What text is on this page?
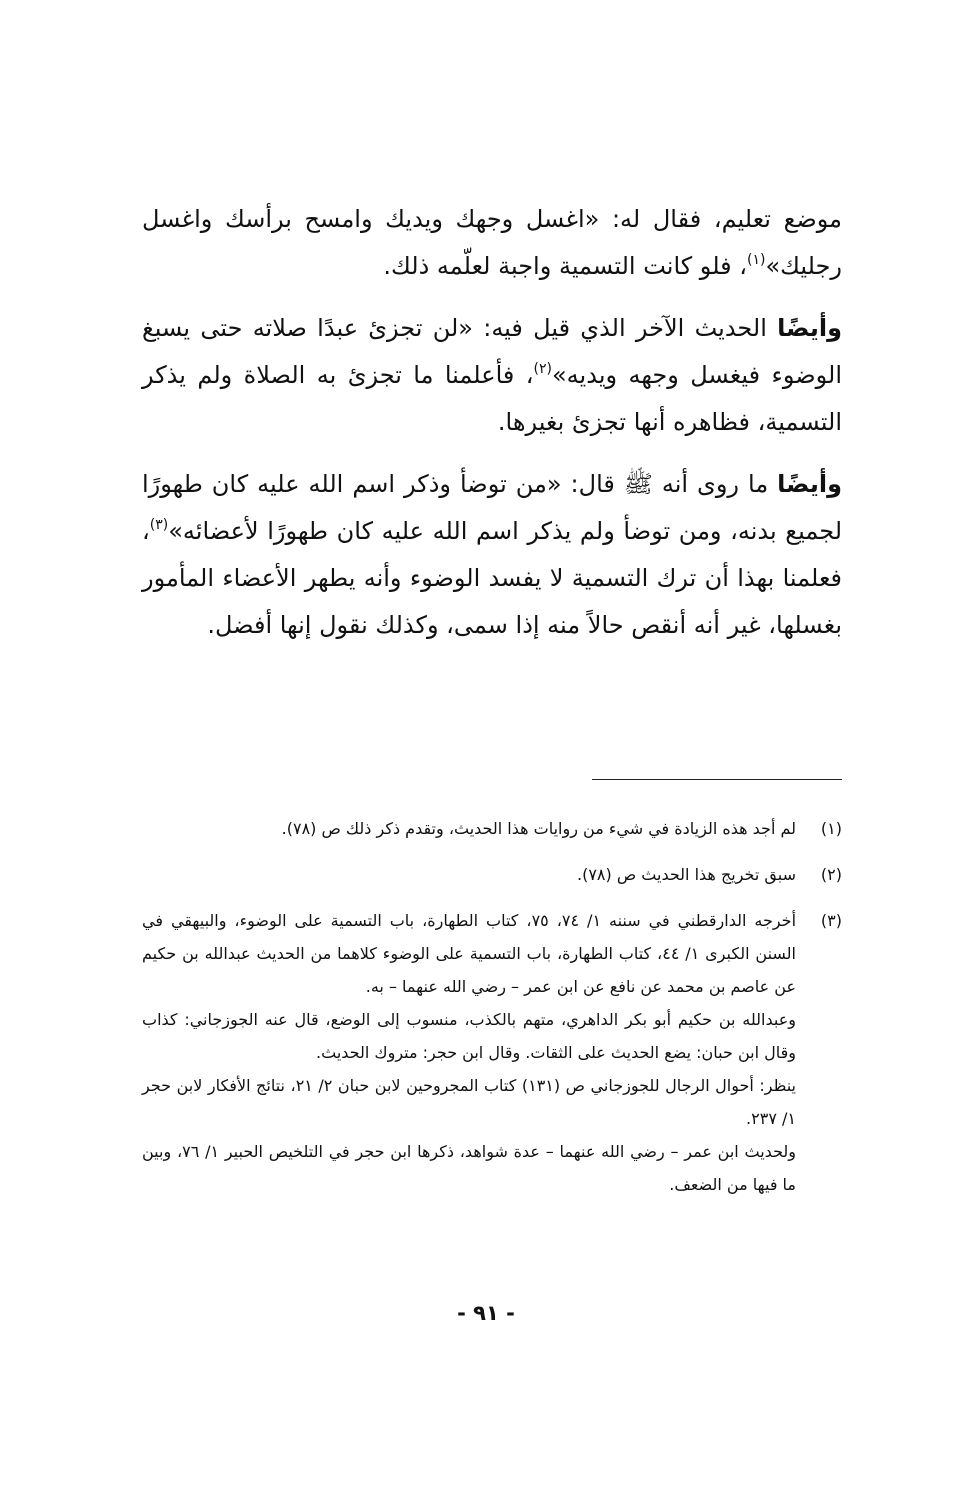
موضع تعليم، فقال له: «اغسل وجهك ويديك وامسح برأسك واغسل رجليك»$^{(١)}$، فلو كانت التسمية واجبة لعلّمه ذلك.

وأيضًا الحديث الآخر الذي قيل فيه: «لن تجزئ عبدًا صلاته حتى يسبغ الوضوء فيغسل وجهه ويديه»$^{(٢)}$، فأعلمنا ما تجزئ به الصلاة ولم يذكر التسمية، فظاهره أنها تجزئ بغيرها.

وأيضًا ما روى أنه ﷺ قال: «من توضأ وذكر اسم الله عليه كان طهورًا لجميع بدنه، ومن توضأ ولم يذكر اسم الله عليه كان طهورًا لأعضائه»$^{(٣)}$، فعلمنا بهذا أن ترك التسمية لا يفسد الوضوء وأنه يطهر الأعضاء المأمور بغسلها، غير أنه أنقص حالاً منه إذا سمى، وكذلك نقول إنها أفضل.

(١)

لم أجد هذه الزيادة في شيء من روايات هذا الحديث، وتقدم ذكر ذلك ص (٧٨).

(٢)

سبق تخريج هذا الحديث ص (٧٨).

(٣)

أخرجه الدارقطني في سننه ١/ ٧٤، ٧٥، كتاب الطهارة، باب التسمية على الوضوء، والبيهقي في السنن الكبرى ١/ ٤٤، كتاب الطهارة، باب التسمية على الوضوء كلاهما من الحديث عبدالله بن حكيم عن عاصم بن محمد عن نافع عن ابن عمر – رضي الله عنهما – به.

وعبدالله بن حكيم أبو بكر الداهري، متهم بالكذب، منسوب إلى الوضع، قال عنه الجوزجاني: كذاب وقال ابن حبان: يضع الحديث على الثقات. وقال ابن حجر: متروك الحديث.

ينظر: أحوال الرجال للجوزجاني ص (١٣١) كتاب المجروحين لابن حبان ٢/ ٢١، نتائج الأفكار لابن حجر ١/ ٢٣٧.

ولحديث ابن عمر – رضي الله عنهما – عدة شواهد، ذكرها ابن حجر في التلخيص الحبير ١/ ٧٦، وبين ما فيها من الضعف.

- ٩١ -
